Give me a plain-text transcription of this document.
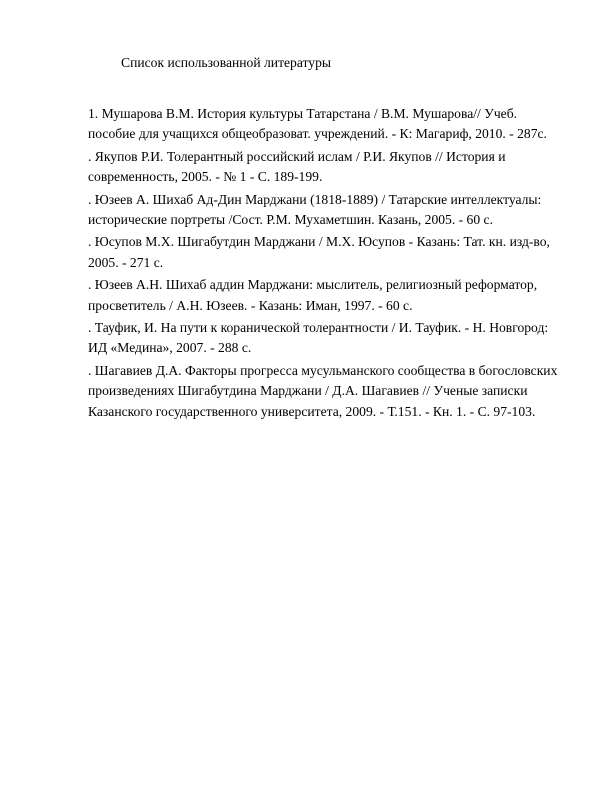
Список использованной литературы
1. Мушарова В.М. История культуры Татарстана / В.М. Мушарова// Учеб.
пособие для учащихся общеобразоват. учреждений. - К: Магариф, 2010. - 287с.
. Якупов Р.И. Толерантный российский ислам / Р.И. Якупов // История и
современность, 2005. - № 1 - С. 189-199.
. Юзеев А. Шихаб Ад-Дин Марджани (1818-1889) / Татарские интеллектуалы:
исторические портреты /Сост. Р.М. Мухаметшин. Казань, 2005. - 60 с.
. Юсупов М.Х. Шигабутдин Марджани / М.Х. Юсупов - Казань: Тат. кн. изд-во,
2005. - 271 с.
. Юзеев А.Н. Шихаб аддин Марджани: мыслитель, религиозный реформатор,
просветитель / А.Н. Юзеев. - Казань: Иман, 1997. - 60 с.
. Тауфик, И. На пути к коранической толерантности / И. Тауфик. - Н. Новгород:
ИД «Медина», 2007. - 288 с.
. Шагавиев Д.А. Факторы прогресса мусульманского сообщества в богословских
произведениях Шигабутдина Марджани / Д.А. Шагавиев // Ученые записки
Казанского государственного университета, 2009. - Т.151. - Кн. 1. - С. 97-103.
